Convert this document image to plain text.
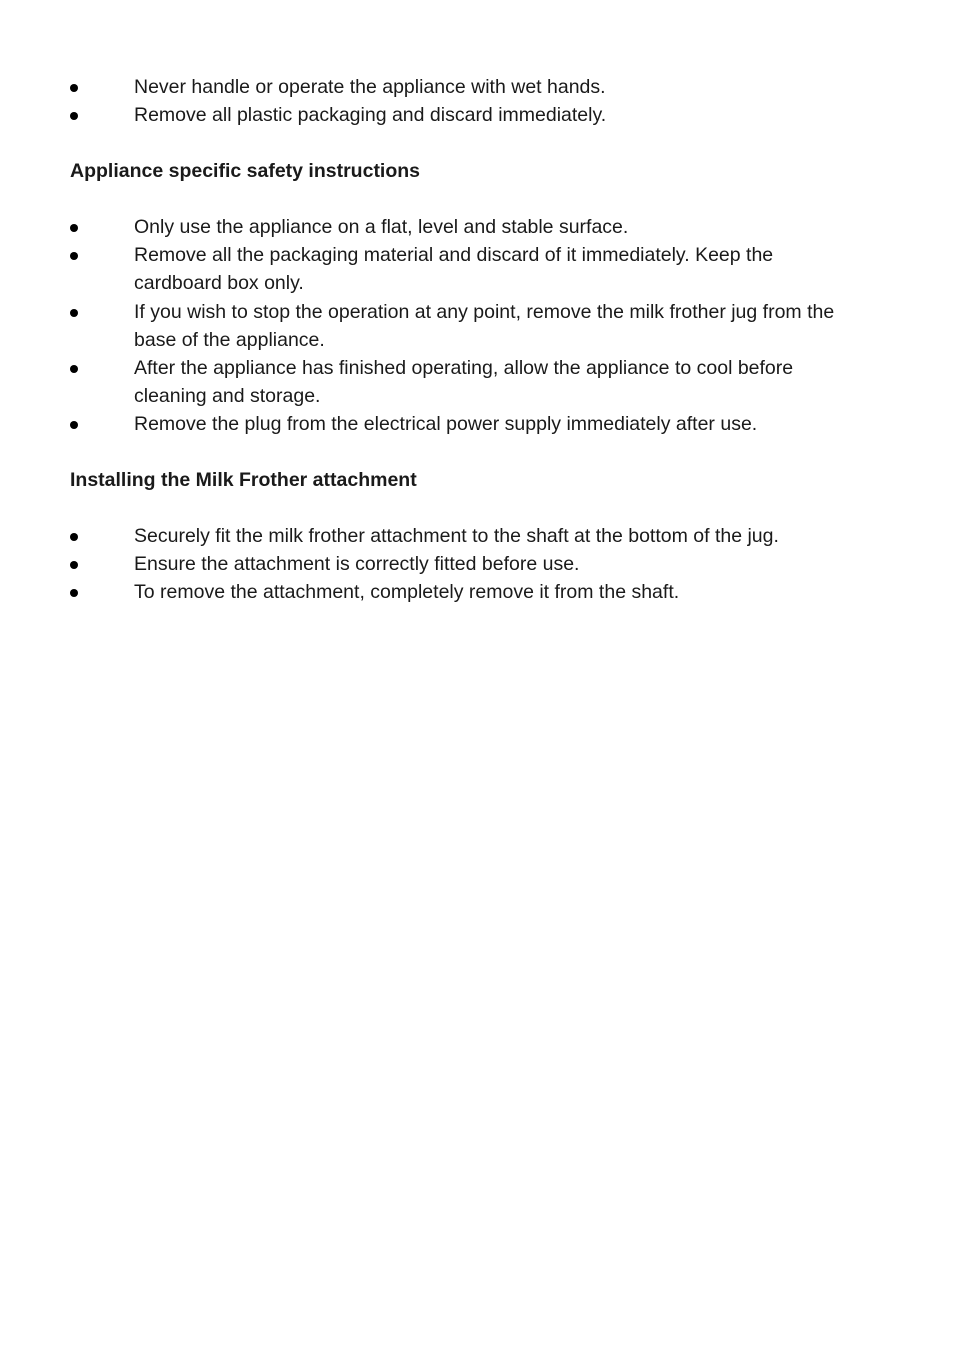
Never handle or operate the appliance with wet hands.
Remove all plastic packaging and discard immediately.
Appliance specific safety instructions
Only use the appliance on a flat, level and stable surface.
Remove all the packaging material and discard of it immediately. Keep the cardboard box only.
If you wish to stop the operation at any point, remove the milk frother jug from the base of the appliance.
After the appliance has finished operating, allow the appliance to cool before cleaning and storage.
Remove the plug from the electrical power supply immediately after use.
Installing the Milk Frother attachment
Securely fit the milk frother attachment to the shaft at the bottom of the jug.
Ensure the attachment is correctly fitted before use.
To remove the attachment, completely remove it from the shaft.
